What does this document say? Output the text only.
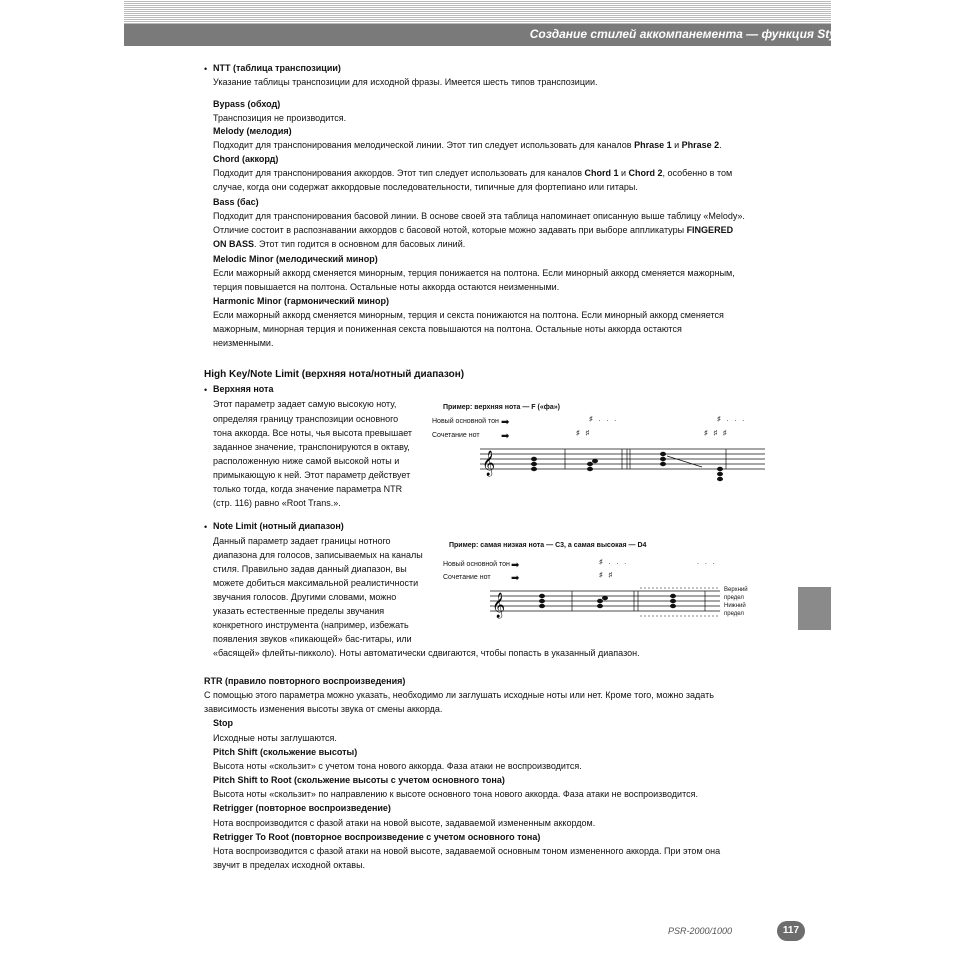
Создание стилей аккомпанемента — функция Style Creator
• NTT (таблица транспозиции)
Указание таблицы транспозиции для исходной фразы. Имеется шесть типов транспозиции.
Bypass (обход)
Транспозиция не производится.
Melody (мелодия)
Подходит для транспонирования мелодической линии. Этот тип следует использовать для каналов Phrase 1 и Phrase 2.
Chord (аккорд)
Подходит для транспонирования аккордов. Этот тип следует использовать для каналов Chord 1 и Chord 2, особенно в том
случае, когда они содержат аккордовые последовательности, типичные для фортепиано или гитары.
Bass (бас)
Подходит для транспонирования басовой линии. В основе своей эта таблица напоминает описанную выше таблицу «Melody».
Отличие состоит в распознавании аккордов с басовой нотой, которые можно задавать при выборе аппликатуры FINGERED
ON BASS. Этот тип годится в основном для басовых линий.
Melodic Minor (мелодический минор)
Если мажорный аккорд сменяется минорным, терция понижается на полтона. Если минорный аккорд сменяется мажорным,
терция повышается на полтона. Остальные ноты аккорда остаются неизменными.
Harmonic Minor (гармонический минор)
Если мажорный аккорд сменяется минорным, терция и секста понижаются на полтона. Если минорный аккорд сменяется
мажорным, минорная терция и пониженная секста повышаются на полтона. Остальные ноты аккорда остаются
неизменными.
High Key/Note Limit (верхняя нота/нотный диапазон)
• Верхняя нота
Этот параметр задает самую высокую ноту,
определяя границу транспозиции основного
тона аккорда. Все ноты, чья высота превышает
заданное значение, транспонируются в октаву,
расположенную ниже самой высокой ноты и
примыкающую к ней. Этот параметр действует
только тогда, когда значение параметра NTR
(стр. 116) равно «Root Trans.».
Пример: верхняя нота — F («фа»)
Новый основной тон
Сочетание нот
➡
➡
♯ . . .	♯ . . .
♯ ♯	♯ ♯ ♯
𝄞
• Note Limit (нотный диапазон)
Данный параметр задает границы нотного
диапазона для голосов, записываемых на каналы
стиля. Правильно задав данный диапазон, вы
можете добиться максимальной реалистичности
звучания голосов. Другими словами, можно
указать естественные пределы звучания
конкретного инструмента (например, избежать
появления звуков «пикающей» бас-гитары, или
«басящей» флейты-пикколо). Ноты автоматически сдвигаются, чтобы попасть в указанный диапазон.
Пример: самая низкая нота — C3, а самая высокая — D4
Новый основной тон
Сочетание нот
➡
➡
♯ . . .	. . .
♯ ♯
𝄞
Верхний
предел
Нижний
предел
RTR (правило повторного воспроизведения)
С помощью этого параметра можно указать, необходимо ли заглушать исходные ноты или нет. Кроме того, можно задать
зависимость изменения высоты звука от смены аккорда.
Stop
Исходные ноты заглушаются.
Pitch Shift (скольжение высоты)
Высота ноты «скользит» с учетом тона нового аккорда. Фаза атаки не воспроизводится.
Pitch Shift to Root (скольжение высоты с учетом основного тона)
Высота ноты «скользит» по направлению к высоте основного тона нового аккорда. Фаза атаки не воспроизводится.
Retrigger (повторное воспроизведение)
Нота воспроизводится с фазой атаки на новой высоте, задаваемой измененным аккордом.
Retrigger To Root (повторное воспроизведение с учетом основного тона)
Нота воспроизводится с фазой атаки на новой высоте, задаваемой основным тоном измененного аккорда. При этом она
звучит в пределах исходной октавы.
PSR-2000/1000	117
